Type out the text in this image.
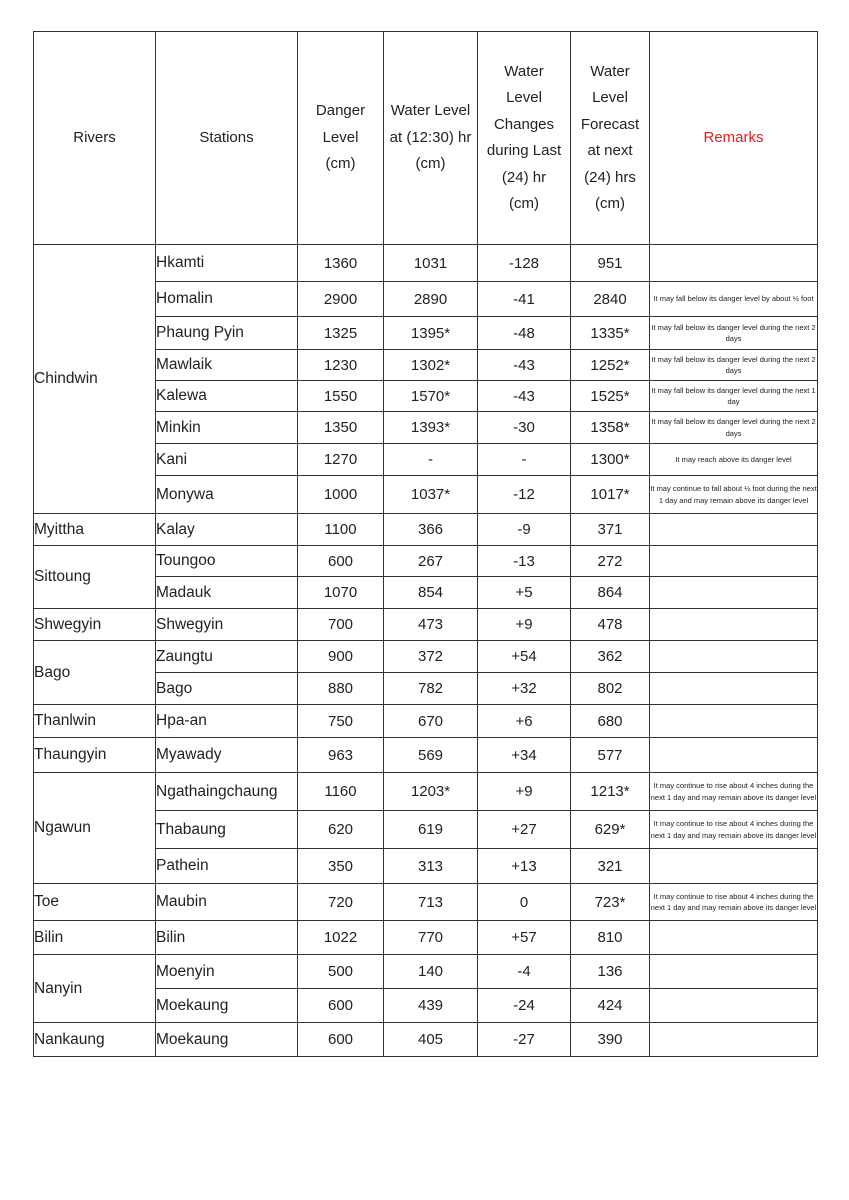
Rivers	Stations	Danger Level (cm)	Water Level at (12:30) hr (cm)	Water Level Changes during Last (24) hr (cm)	Water Level Forecast at next (24) hrs (cm)	Remarks
Chindwin	Hkamti	1360	1031	-128	951	
	Homalin	2900	2890	-41	2840	It may fall below its danger level by about ½ foot
	Phaung Pyin	1325	1395*	-48	1335*	It may fall below its danger level during the next 2 days
	Mawlaik	1230	1302*	-43	1252*	It may fall below its danger level during the next 2 days
	Kalewa	1550	1570*	-43	1525*	It may fall below its danger level during the next 1 day
	Minkin	1350	1393*	-30	1358*	It may fall below its danger level during the next 2 days
	Kani	1270	-	-	1300*	It may reach above its danger level
	Monywa	1000	1037*	-12	1017*	It may continue to fall about ½ foot during the next 1 day and may remain above its danger level
Myittha	Kalay	1100	366	-9	371	
Sittoung	Toungoo	600	267	-13	272	
	Madauk	1070	854	+5	864	
Shwegyin	Shwegyin	700	473	+9	478	
Bago	Zaungtu	900	372	+54	362	
	Bago	880	782	+32	802	
Thanlwin	Hpa-an	750	670	+6	680	
Thaungyin	Myawady	963	569	+34	577	
Ngawun	Ngathaingchaung	1160	1203*	+9	1213*	It may continue to rise about 4 inches during the next 1 day and may remain above its danger level
	Thabaung	620	619	+27	629*	It may continue to rise about 4 inches during the next 1 day and may remain above its danger level
	Pathein	350	313	+13	321	
Toe	Maubin	720	713	0	723*	It may continue to rise about 4 inches during the next 1 day and may remain above its danger level
Bilin	Bilin	1022	770	+57	810	
Nanyin	Moenyin	500	140	-4	136	
	Moekaung	600	439	-24	424	
Nankaung	Moekaung	600	405	-27	390	
